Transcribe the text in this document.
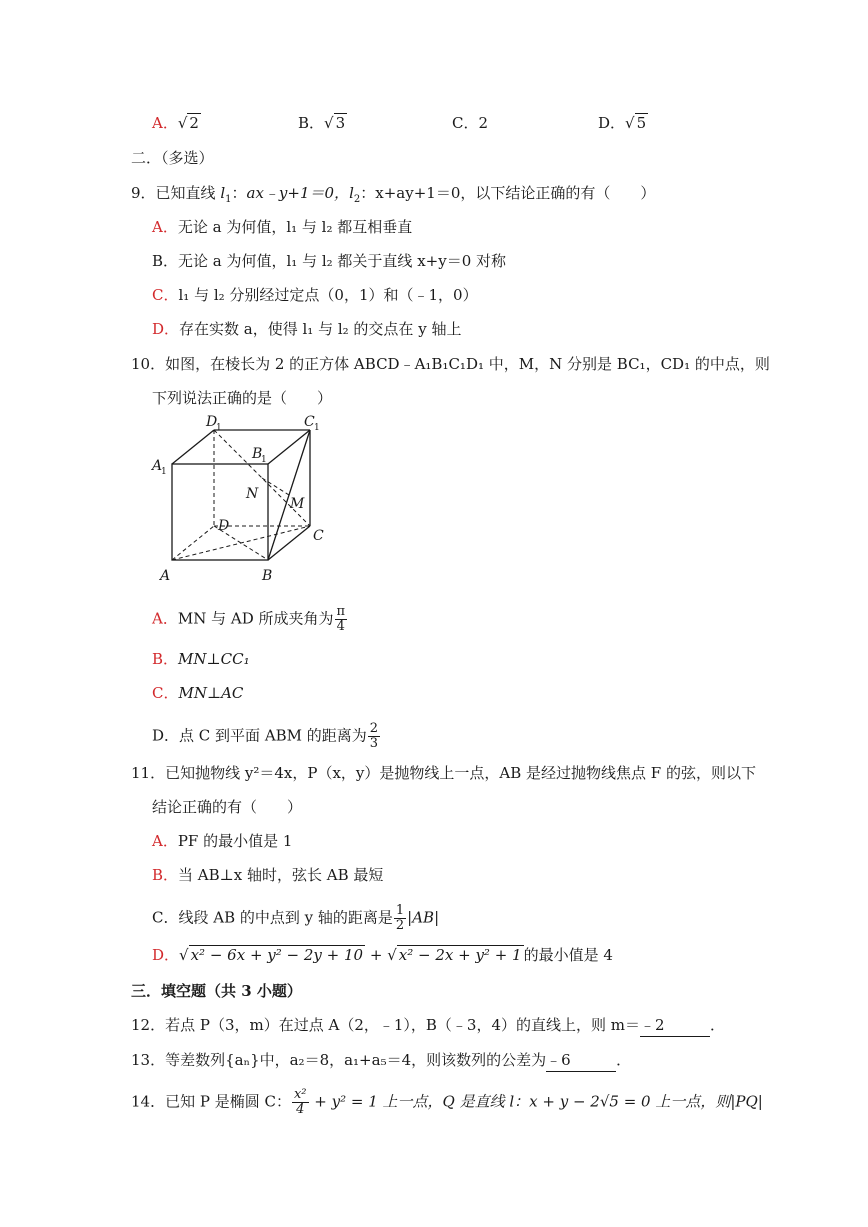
A．√ 2	B．√ 3	C．2	D．√ 5
二．（多选）
9．已知直线 $l_1$：ax﹣y+1＝0，$l_2$：x+ay+1＝0，以下结论正确的有（　　）
A．无论 a 为何值，l₁ 与 l₂ 都互相垂直
B．无论 a 为何值，l₁ 与 l₂ 都关于直线 x+y＝0 对称
C．l₁ 与 l₂ 分别经过定点（0，1）和（﹣1，0）
D．存在实数 a，使得 l₁ 与 l₂ 的交点在 y 轴上
10．如图，在棱长为 2 的正方体 ABCD﹣A₁B₁C₁D₁ 中，M，N 分别是 BC₁，CD₁ 的中点，则
下列说法正确的是（　　）
D
1	C 1
A
1
B
1
N
M
D
C
A	B
A．MN 与 AD 所成夹角为 $\frac{\pi}{4}$
B．MN⊥CC₁
C．MN⊥AC
D．点 C 到平面 ABM 的距离为 $\frac{2}{3}$
11．已知抛物线 y²＝4x，P（x，y）是抛物线上一点，AB 是经过抛物线焦点 F 的弦，则以下
结论正确的有（　　）
A．PF 的最小值是 1
B．当 AB⊥x 轴时，弦长 AB 最短
C．线段 AB 的中点到 y 轴的距离是 $\frac{1}{2} |AB|$
D．√ x² − 6x + y² − 2y + 10 + √ x² − 2x + y² + 1 的最小值是 4
三．填空题（共 3 小题）
12．若点 P（3，m）在过点 A（2，﹣1），B（﹣3，4）的直线上，则 m＝﹣2	．
13．等差数列{aₙ}中，a₂＝8，a₁+a₅＝4，则该数列的公差为﹣6	．
14．已知 P 是椭圆 C： $\frac{\text{x²}}{4} + y^2 = 1$ 上一点，Q 是直线 l：x + y − 2√5 = 0 上一点，则|PQ|
